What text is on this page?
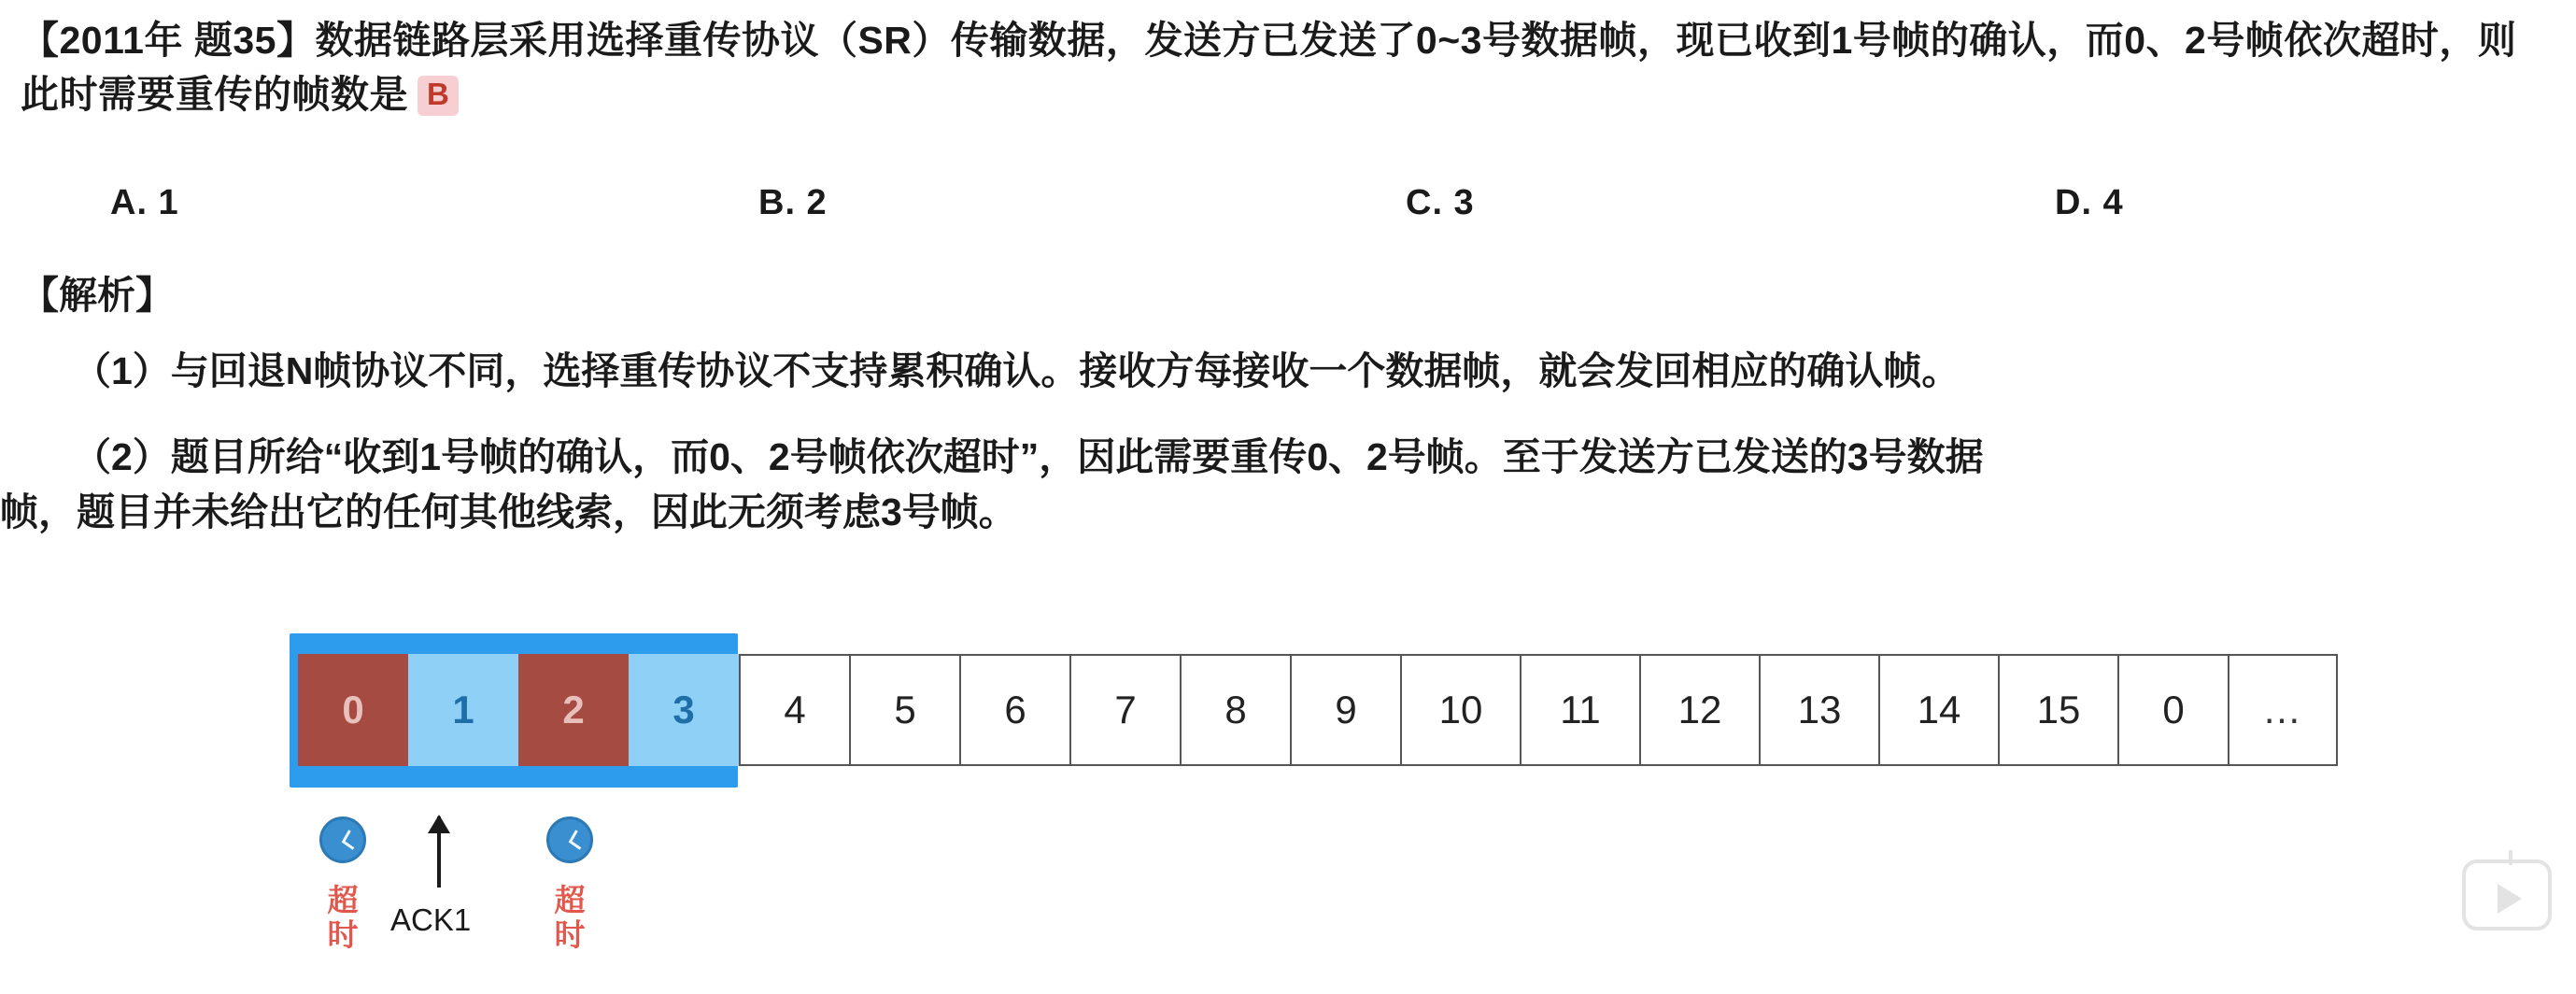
【2011年 题35】数据链路层采用选择重传协议（SR）传输数据，发送方已发送了0~3号数据帧，现已收到1号帧的确认，而0、2号帧依次超时，则此时需要重传的帧数是 B
A. 1	B. 2	C. 3	D. 4
【解析】
（1）与回退N帧协议不同，选择重传协议不支持累积确认。接收方每接收一个数据帧，就会发回相应的确认帧。
（2）题目所给“收到1号帧的确认，而0、2号帧依次超时”，因此需要重传0、2号帧。至于发送方已发送的3号数据
帧，题目并未给出它的任何其他线索，因此无须考虑3号帧。
0	1	2	3	4	5	6	7	8	9	10	11	12	13	14	15	0	…
超时
超时
ACK1
